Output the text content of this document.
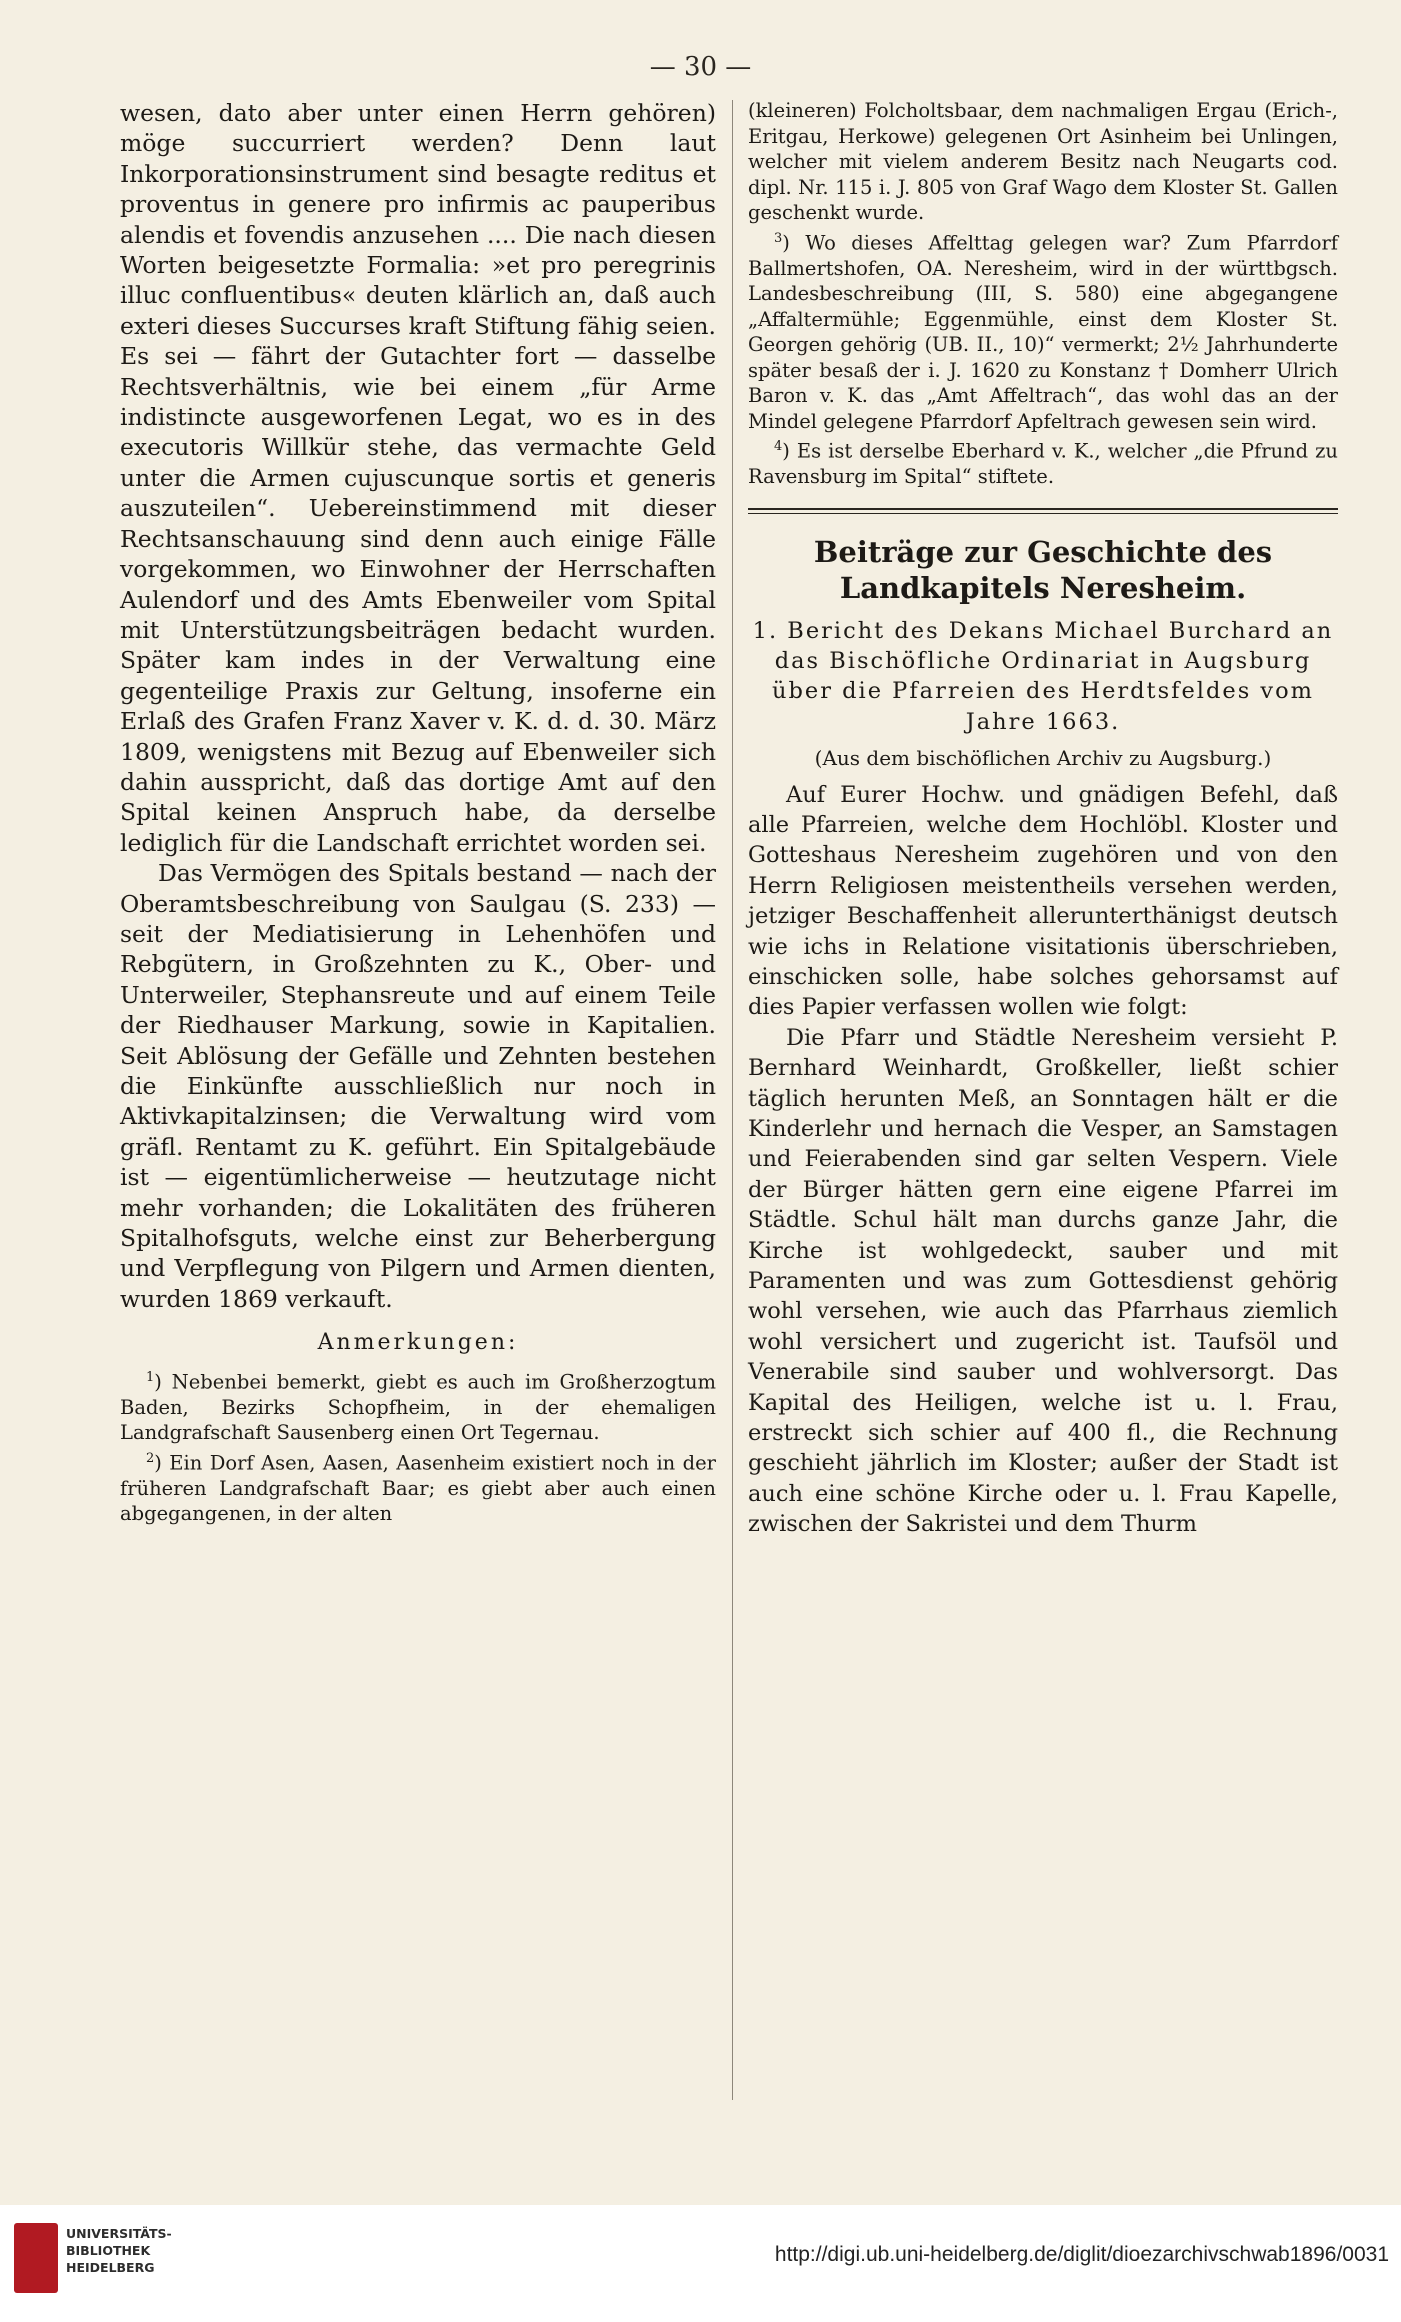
— 30 —

wesen, dato aber unter einen Herrn gehören) möge succurriert werden? Denn laut Inkorporationsinstrument sind besagte reditus et proventus in genere pro infirmis ac pauperibus alendis et fovendis anzusehen .... Die nach diesen Worten beigesetzte Formalia: »et pro peregrinis illuc confluentibus« deuten klärlich an, daß auch exteri dieses Succurses kraft Stiftung fähig seien. Es sei — fährt der Gutachter fort — dasselbe Rechtsverhältnis, wie bei einem „für Arme indistincte ausgeworfenen Legat, wo es in des executoris Willkür stehe, das vermachte Geld unter die Armen cujuscunque sortis et generis auszuteilen“. Uebereinstimmend mit dieser Rechtsanschauung sind denn auch einige Fälle vorgekommen, wo Einwohner der Herrschaften Aulendorf und des Amts Ebenweiler vom Spital mit Unterstützungsbeiträgen bedacht wurden. Später kam indes in der Verwaltung eine gegenteilige Praxis zur Geltung, insoferne ein Erlaß des Grafen Franz Xaver v. K. d. d. 30. März 1809, wenigstens mit Bezug auf Ebenweiler sich dahin ausspricht, daß das dortige Amt auf den Spital keinen Anspruch habe, da derselbe lediglich für die Landschaft errichtet worden sei.

Das Vermögen des Spitals bestand — nach der Oberamtsbeschreibung von Saulgau (S. 233) — seit der Mediatisierung in Lehenhöfen und Rebgütern, in Großzehnten zu K., Ober- und Unterweiler, Stephansreute und auf einem Teile der Riedhauser Markung, sowie in Kapitalien. Seit Ablösung der Gefälle und Zehnten bestehen die Einkünfte ausschließlich nur noch in Aktivkapitalzinsen; die Verwaltung wird vom gräfl. Rentamt zu K. geführt. Ein Spitalgebäude ist — eigentümlicherweise — heutzutage nicht mehr vorhanden; die Lokalitäten des früheren Spitalhofsguts, welche einst zur Beherbergung und Verpflegung von Pilgern und Armen dienten, wurden 1869 verkauft.

Anmerkungen:

$^1$) Nebenbei bemerkt, giebt es auch im Großherzogtum Baden, Bezirks Schopfheim, in der ehemaligen Landgrafschaft Sausenberg einen Ort Tegernau.

$^2$) Ein Dorf Asen, Aasen, Aasenheim existiert noch in der früheren Landgrafschaft Baar; es giebt aber auch einen abgegangenen, in der alten

(kleineren) Folcholtsbaar, dem nachmaligen Ergau (Erich-, Eritgau, Herkowe) gelegenen Ort Asinheim bei Unlingen, welcher mit vielem anderem Besitz nach Neugarts cod. dipl. Nr. 115 i. J. 805 von Graf Wago dem Kloster St. Gallen geschenkt wurde.

$^3$) Wo dieses Affelttag gelegen war? Zum Pfarrdorf Ballmertshofen, OA. Neresheim, wird in der württbgsch. Landesbeschreibung (III, S. 580) eine abgegangene „Affaltermühle; Eggenmühle, einst dem Kloster St. Georgen gehörig (UB. II., 10)“ vermerkt; 2½ Jahrhunderte später besaß der i. J. 1620 zu Konstanz † Domherr Ulrich Baron v. K. das „Amt Affeltrach“, das wohl das an der Mindel gelegene Pfarrdorf Apfeltrach gewesen sein wird.

$^4$) Es ist derselbe Eberhard v. K., welcher „die Pfrund zu Ravensburg im Spital“ stiftete.

Beiträge zur Geschichte des Landkapitels Neresheim.

1. Bericht des Dekans Michael Burchard an das Bischöfliche Ordinariat in Augsburg über die Pfarreien des Herdtsfeldes vom Jahre 1663.

(Aus dem bischöflichen Archiv zu Augsburg.)

Auf Eurer Hochw. und gnädigen Befehl, daß alle Pfarreien, welche dem Hochlöbl. Kloster und Gotteshaus Neresheim zugehören und von den Herrn Religiosen meistentheils versehen werden, jetziger Beschaffenheit allerunterthänigst deutsch wie ichs in Relatione visitationis überschrieben, einschicken solle, habe solches gehorsamst auf dies Papier verfassen wollen wie folgt:

Die Pfarr und Städtle Neresheim versieht P. Bernhard Weinhardt, Großkeller, ließt schier täglich herunten Meß, an Sonntagen hält er die Kinderlehr und hernach die Vesper, an Samstagen und Feierabenden sind gar selten Vespern. Viele der Bürger hätten gern eine eigene Pfarrei im Städtle. Schul hält man durchs ganze Jahr, die Kirche ist wohlgedeckt, sauber und mit Paramenten und was zum Gottesdienst gehörig wohl versehen, wie auch das Pfarrhaus ziemlich wohl versichert und zugericht ist. Taufsöl und Venerabile sind sauber und wohlversorgt. Das Kapital des Heiligen, welche ist u. l. Frau, erstreckt sich schier auf 400 fl., die Rechnung geschieht jährlich im Kloster; außer der Stadt ist auch eine schöne Kirche oder u. l. Frau Kapelle, zwischen der Sakristei und dem Thurm

UNIVERSITÄTS-
BIBLIOTHEK
HEIDELBERG
http://digi.ub.uni-heidelberg.de/diglit/dioezarchivschwab1896/0031
